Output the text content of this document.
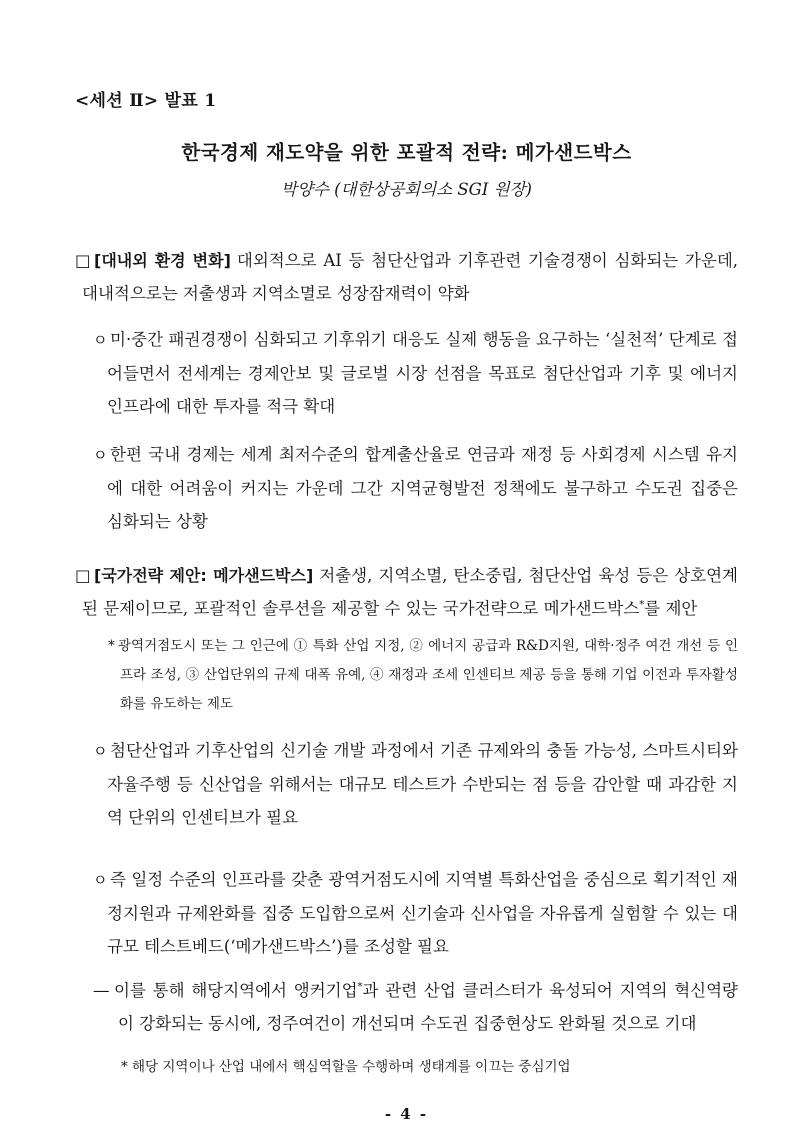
<세션 Ⅱ> 발표 1
한국경제 재도약을 위한 포괄적 전략: 메가샌드박스
박양수 (대한상공회의소 SGI 원장)

□ [대내외 환경 변화] 대외적으로 AI 등 첨단산업과 기후관련 기술경쟁이 심화되는 가운데, 대내적으로는 저출생과 지역소멸로 성장잠재력이 약화

ㅇ 미·중간 패권경쟁이 심화되고 기후위기 대응도 실제 행동을 요구하는 ‘실천적’ 단계로 접어들면서 전세계는 경제안보 및 글로벌 시장 선점을 목표로 첨단산업과 기후 및 에너지 인프라에 대한 투자를 적극 확대

ㅇ 한편 국내 경제는 세계 최저수준의 합계출산율로 연금과 재정 등 사회경제 시스템 유지에 대한 어려움이 커지는 가운데 그간 지역균형발전 정책에도 불구하고 수도권 집중은 심화되는 상황

□ [국가전략 제안: 메가샌드박스] 저출생, 지역소멸, 탄소중립, 첨단산업 육성 등은 상호연계된 문제이므로, 포괄적인 솔루션을 제공할 수 있는 국가전략으로 메가샌드박스*를 제안

* 광역거점도시 또는 그 인근에 ① 특화 산업 지정, ② 에너지 공급과 R&D지원, 대학·정주 여건 개선 등 인프라 조성, ③ 산업단위의 규제 대폭 유예, ④ 재정과 조세 인센티브 제공 등을 통해 기업 이전과 투자활성화를 유도하는 제도

ㅇ 첨단산업과 기후산업의 신기술 개발 과정에서 기존 규제와의 충돌 가능성, 스마트시티와 자율주행 등 신산업을 위해서는 대규모 테스트가 수반되는 점 등을 감안할 때 과감한 지역 단위의 인센티브가 필요

ㅇ 즉 일정 수준의 인프라를 갖춘 광역거점도시에 지역별 특화산업을 중심으로 획기적인 재정지원과 규제완화를 집중 도입함으로써 신기술과 신사업을 자유롭게 실험할 수 있는 대규모 테스트베드(‘메가샌드박스’)를 조성할 필요

— 이를 통해 해당지역에서 앵커기업*과 관련 산업 클러스터가 육성되어 지역의 혁신역량이 강화되는 동시에, 정주여건이 개선되며 수도권 집중현상도 완화될 것으로 기대

* 해당 지역이나 산업 내에서 핵심역할을 수행하며 생태계를 이끄는 중심기업

- 4 -
